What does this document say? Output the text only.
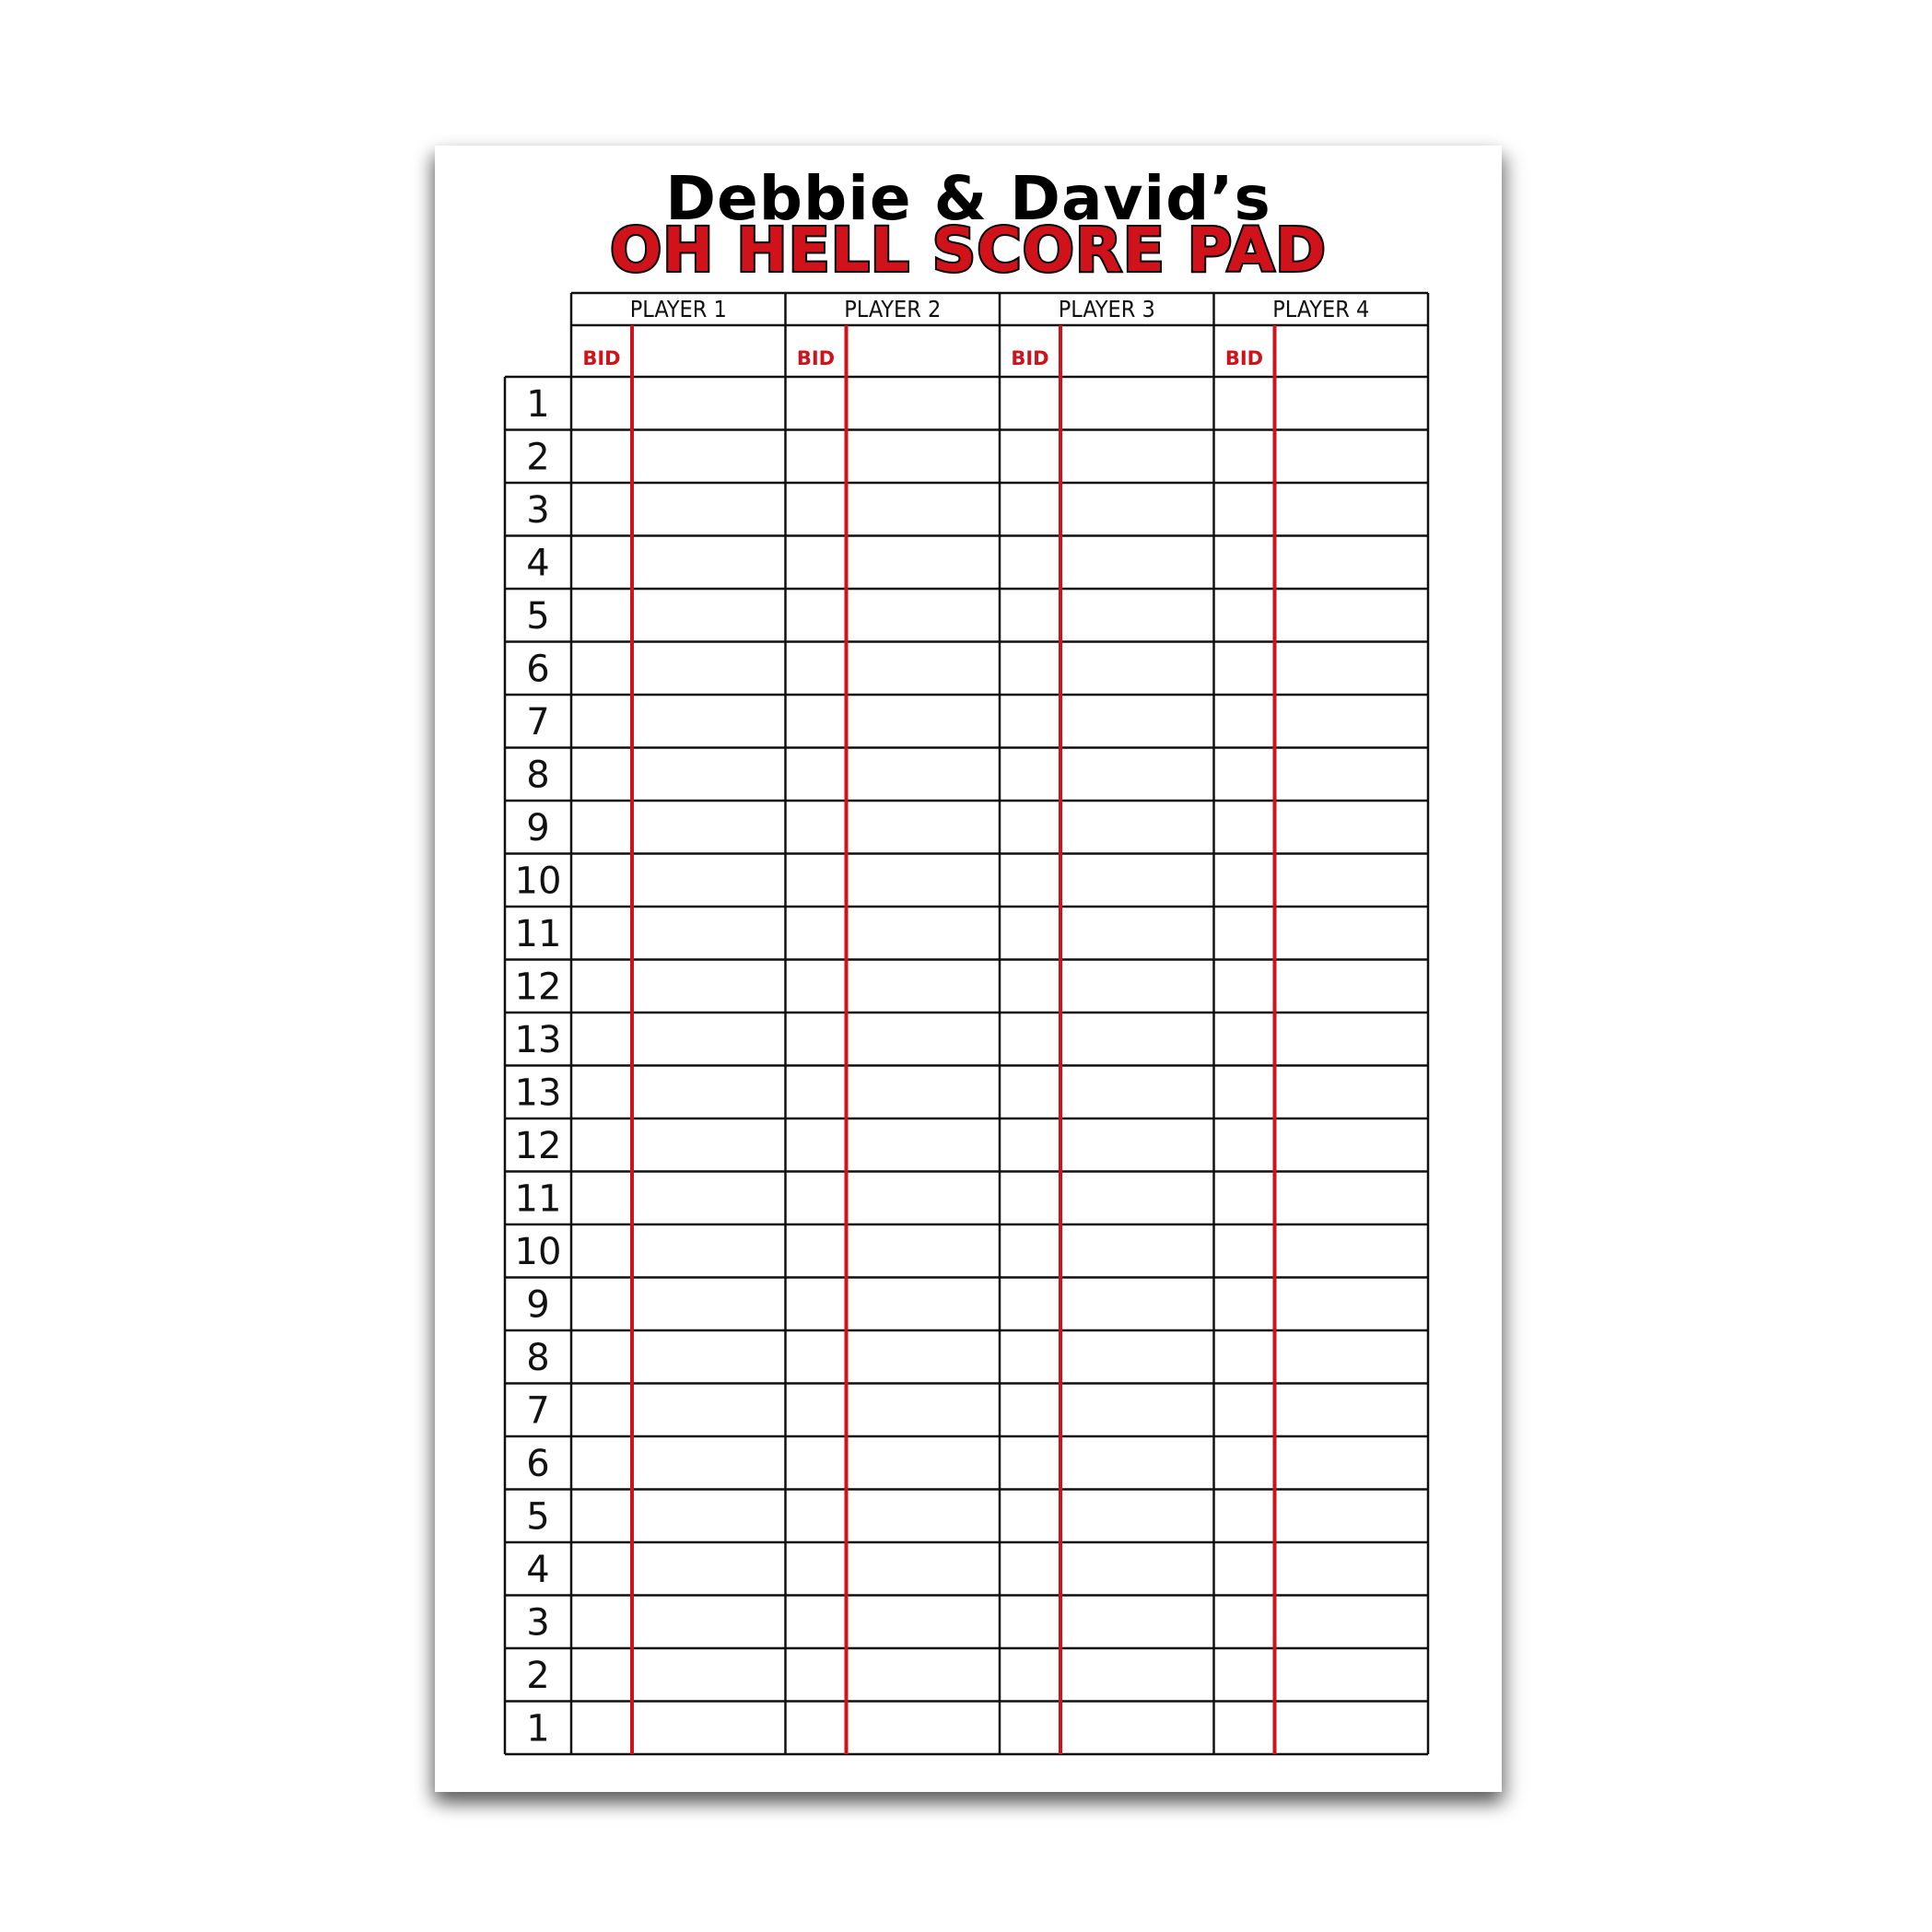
Debbie & David’s
OH HELL SCORE PAD
PLAYER 1	PLAYER 2	PLAYER 3	PLAYER 4
BID	BID	BID	BID
1
2
3
4
5
6
7
8
9
10
11
12
13
13
12
11
10
9
8
7
6
5
4
3
2
1
